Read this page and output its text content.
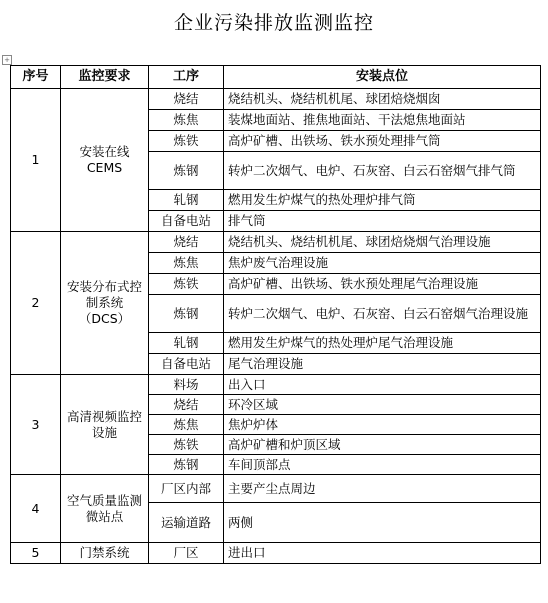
企业污染排放监测监控
+
序号	监控要求	工序	安装点位
1	安装在线CEMS	烧结	烧结机头、烧结机机尾、球团焙烧烟囱
		炼焦	装煤地面站、推焦地面站、干法熄焦地面站
		炼铁	高炉矿槽、出铁场、铁水预处理排气筒
		炼钢	转炉二次烟气、电炉、石灰窑、白云石窑烟气排气筒
		轧钢	燃用发生炉煤气的热处理炉排气筒
		自备电站	排气筒
2	安装分布式控制系统（DCS）	烧结	烧结机头、烧结机机尾、球团焙烧烟气治理设施
		炼焦	焦炉废气治理设施
		炼铁	高炉矿槽、出铁场、铁水预处理尾气治理设施
		炼钢	转炉二次烟气、电炉、石灰窑、白云石窑烟气治理设施
		轧钢	燃用发生炉煤气的热处理炉尾气治理设施
		自备电站	尾气治理设施
3	高清视频监控设施	料场	出入口
		烧结	环冷区域
		炼焦	焦炉炉体
		炼铁	高炉矿槽和炉顶区域
		炼钢	车间顶部点
4	空气质量监测微站点	厂区内部	主要产尘点周边
		运输道路	两侧
5	门禁系统	厂区	进出口
